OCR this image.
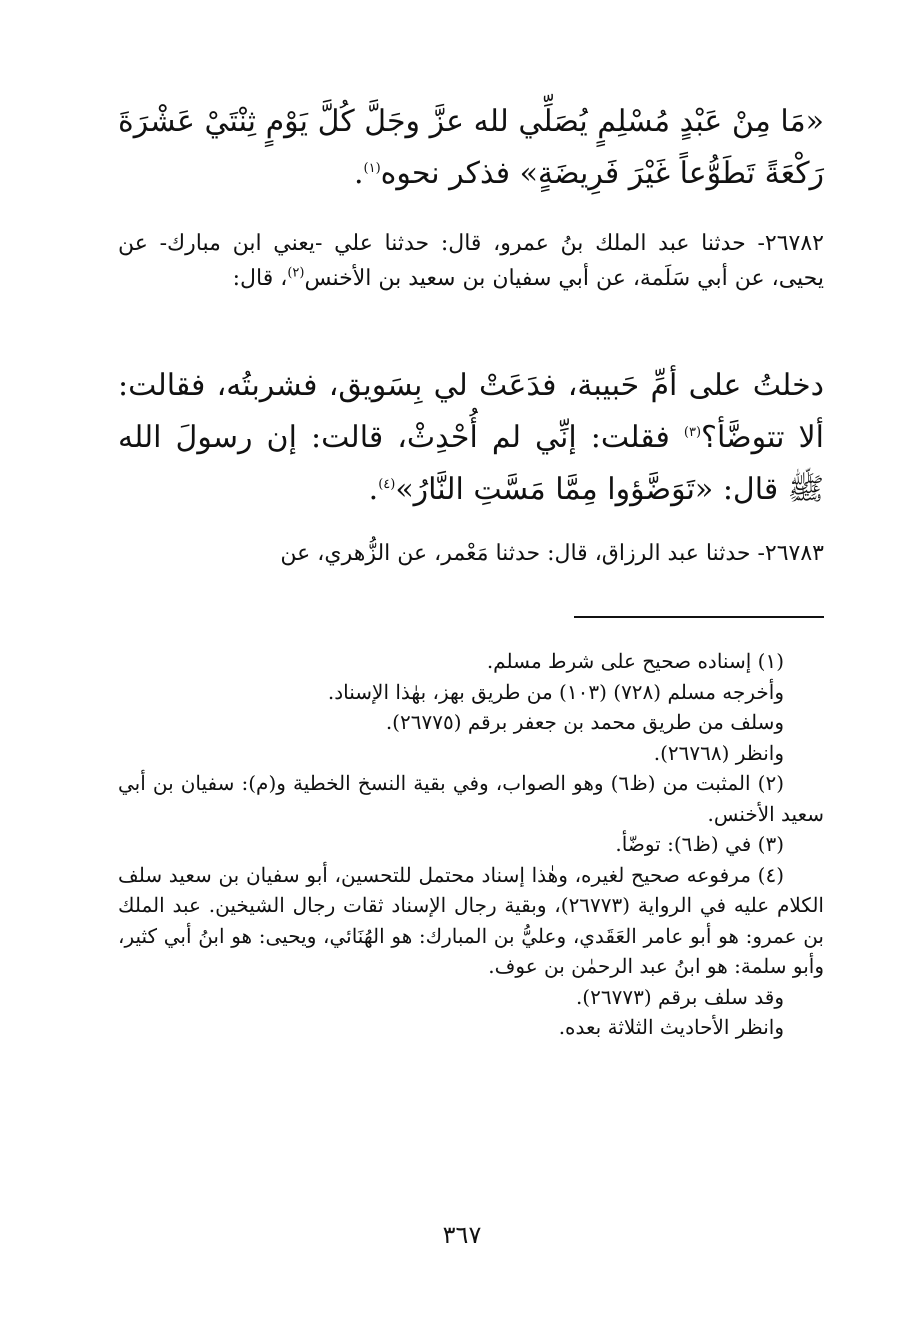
«مَا مِنْ عَبْدٍ مُسْلِمٍ يُصَلِّي لله عزَّ وجَلَّ كُلَّ يَوْمٍ ثِنْتَيْ عَشْرَةَ رَكْعَةً تَطَوُّعاً غَيْرَ فَرِيضَةٍ» فذكر نحوه$^{(١)}$.
٢٦٧٨٢- حدثنا عبد الملك بنُ عمرو، قال: حدثنا علي -يعني ابن مبارك- عن يحيى، عن أبي سَلَمة، عن أبي سفيان بن سعيد بن الأخنس$^{(٢)}$، قال:
دخلتُ على أمِّ حَبيبة، فدَعَتْ لي بِسَويق، فشربتُه، فقالت: ألا تتوضَّأ؟$^{(٣)}$ فقلت: إنِّي لم أُحْدِثْ، قالت: إن رسولَ الله ﷺ قال: «تَوَضَّؤوا مِمَّا مَسَّتِ النَّارُ»$^{(٤)}$.
٢٦٧٨٣- حدثنا عبد الرزاق، قال: حدثنا مَعْمر، عن الزُّهري، عن

(١) إسناده صحيح على شرط مسلم.

وأخرجه مسلم (٧٢٨) (١٠٣) من طريق بهز، بهٰذا الإسناد.

وسلف من طريق محمد بن جعفر برقم (٢٦٧٧٥).

وانظر (٢٦٧٦٨).

(٢) المثبت من (ظ٦) وهو الصواب، وفي بقية النسخ الخطية و(م): سفيان بن أبي سعيد الأخنس.

(٣) في (ظ٦): توضّأ.

(٤) مرفوعه صحيح لغيره، وهٰذا إسناد محتمل للتحسين، أبو سفيان بن سعيد سلف الكلام عليه في الرواية (٢٦٧٧٣)، وبقية رجال الإسناد ثقات رجال الشيخين. عبد الملك بن عمرو: هو أبو عامر العَقَدي، وعليُّ بن المبارك: هو الهُنَائي، ويحيى: هو ابنُ أبي كثير، وأبو سلمة: هو ابنُ عبد الرحمٰن بن عوف.

وقد سلف برقم (٢٦٧٧٣).

وانظر الأحاديث الثلاثة بعده.

٣٦٧
